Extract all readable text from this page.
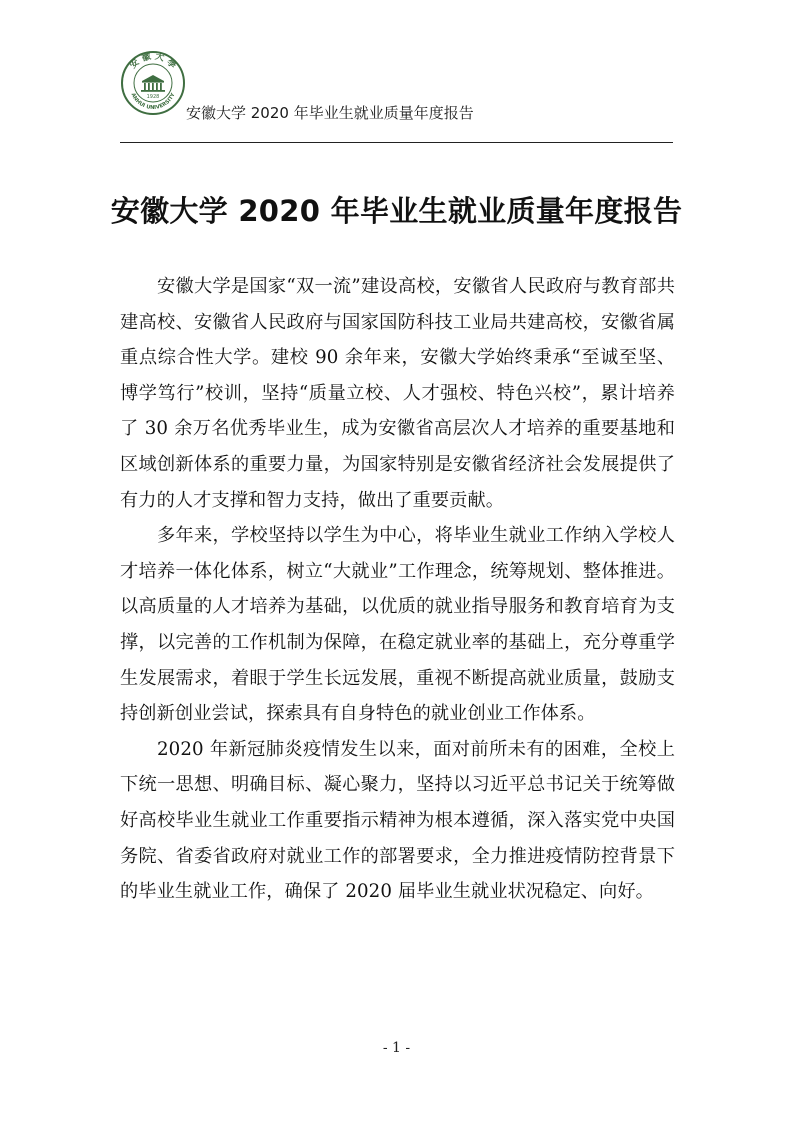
安 徽 大 學
ANHUI UNIVERSITY
1928
安徽大学 2020 年毕业生就业质量年度报告
安徽大学 2020 年毕业生就业质量年度报告

安徽大学是国家“双一流”建设高校，安徽省人民政府与教育部共建高校、安徽省人民政府与国家国防科技工业局共建高校，安徽省属重点综合性大学。建校 90 余年来，安徽大学始终秉承“至诚至坚、博学笃行”校训，坚持“质量立校、人才强校、特色兴校”，累计培养了 30 余万名优秀毕业生，成为安徽省高层次人才培养的重要基地和区域创新体系的重要力量，为国家特别是安徽省经济社会发展提供了有力的人才支撑和智力支持，做出了重要贡献。

多年来，学校坚持以学生为中心，将毕业生就业工作纳入学校人才培养一体化体系，树立“大就业”工作理念，统筹规划、整体推进。以高质量的人才培养为基础，以优质的就业指导服务和教育培育为支撑，以完善的工作机制为保障，在稳定就业率的基础上，充分尊重学生发展需求，着眼于学生长远发展，重视不断提高就业质量，鼓励支持创新创业尝试，探索具有自身特色的就业创业工作体系。

2020 年新冠肺炎疫情发生以来，面对前所未有的困难，全校上下统一思想、明确目标、凝心聚力，坚持以习近平总书记关于统筹做好高校毕业生就业工作重要指示精神为根本遵循，深入落实党中央国务院、省委省政府对就业工作的部署要求，全力推进疫情防控背景下的毕业生就业工作，确保了 2020 届毕业生就业状况稳定、向好。

- 1 -
